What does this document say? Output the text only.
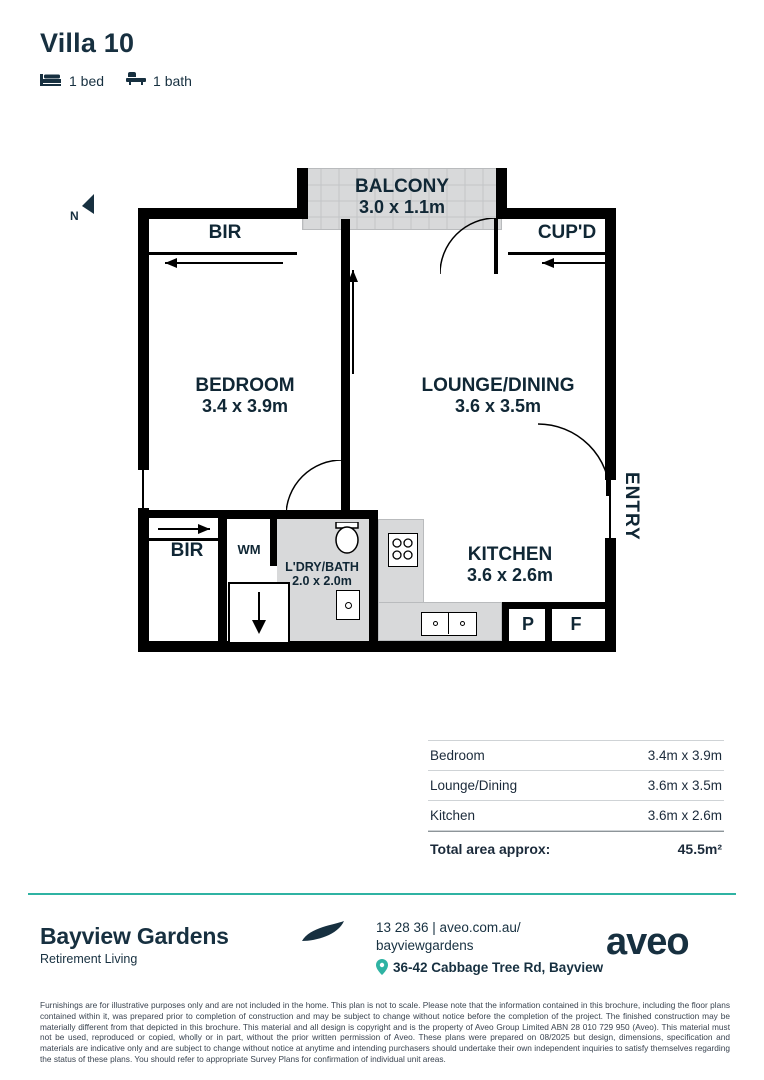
Villa 10
1 bed	1 bath
N
BALCONY
3.0 x 1.1m
BEDROOM
3.4 x 3.9m
LOUNGE/DINING
3.6 x 3.5m
KITCHEN
3.6 x 2.6m
L'DRY/BATH
2.0 x 2.0m
BIR	CUP'D
BIR	WM
P	F
ENTRY
Bedroom	3.4m x 3.9m
Lounge/Dining	3.6m x 3.5m
Kitchen	3.6m x 2.6m
Total area approx:	45.5m²
Bayview Gardens
Retirement Living
13 28 36 | aveo.com.au/
bayviewgardens
36-42 Cabbage Tree Rd, Bayview
aveo
Furnishings are for illustrative purposes only and are not included in the home. This plan is not to scale. Please note that the information contained in this brochure, including the floor plans contained within it, was prepared prior to completion of construction and may be subject to change without notice before the completion of the project. The finished construction may be materially different from that depicted in this brochure. This material and all design is copyright and is the property of Aveo Group Limited ABN 28 010 729 950 (Aveo). This material must not be used, reproduced or copied, wholly or in part, without the prior written permission of Aveo. These plans were prepared on 08/2025 but design, dimensions, specification and materials are indicative only and are subject to change without notice at anytime and intending purchasers should undertake their own independent inquiries to satisfy themselves regarding the status of these plans. You should refer to appropriate Survey Plans for confirmation of individual unit areas.
